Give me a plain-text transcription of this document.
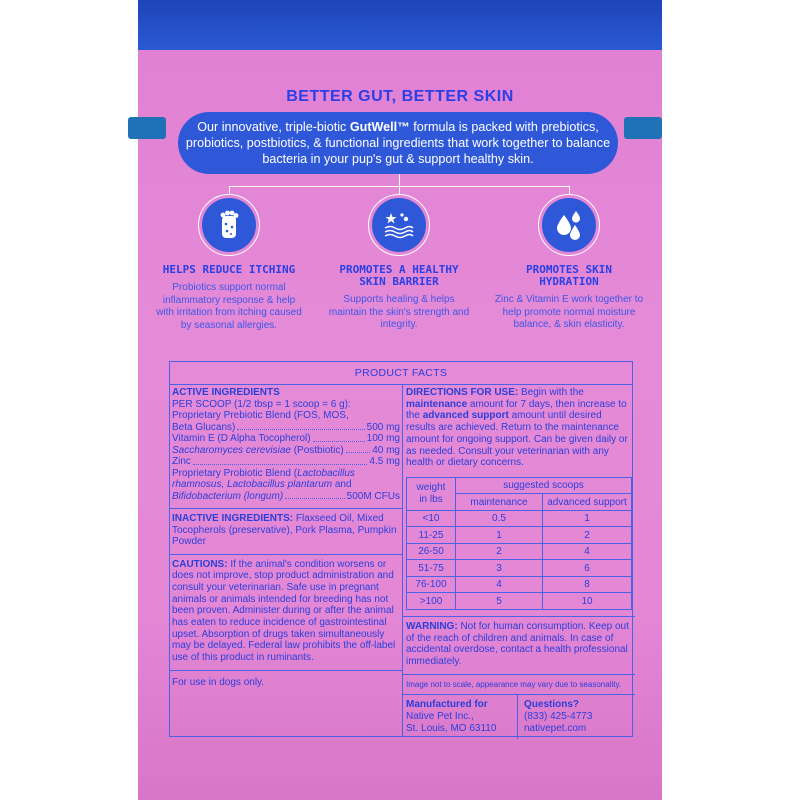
BETTER GUT, BETTER SKIN
Our innovative, triple-biotic GutWell™ formula is packed with prebiotics, probiotics, postbiotics, & functional ingredients that work together to balance bacteria in your pup's gut & support healthy skin.
HELPS REDUCE ITCHING
Probiotics support normal inflammatory response & help with irritation from itching caused by seasonal allergies.
PROMOTES A HEALTHY SKIN BARRIER
Supports healing & helps maintain the skin's strength and integrity.
PROMOTES SKIN HYDRATION
Zinc & Vitamin E work together to help promote normal moisture balance, & skin elasticity.
PRODUCT FACTS
ACTIVE INGREDIENTS
PER SCOOP (1/2 tbsp = 1 scoop = 6 g):
Proprietary Prebiotic Blend (FOS, MOS,
Beta Glucans)	500 mg
Vitamin E (D Alpha Tocopherol)	100 mg
Saccharomyces cerevisiae (Postbiotic)	40 mg
Zinc	4.5 mg
Proprietary Probiotic Blend (Lactobacillus
rhamnosus, Lactobacillus plantarum and
Bifidobacterium (longum)	500M CFUs
INACTIVE INGREDIENTS: Flaxseed Oil, Mixed Tocopherols (preservative), Pork Plasma, Pumpkin Powder
CAUTIONS: If the animal's condition worsens or does not improve, stop product administration and consult your veterinarian. Safe use in pregnant animals or animals intended for breeding has not been proven. Administer during or after the animal has eaten to reduce incidence of gastrointestinal upset. Absorption of drugs taken simultaneously may be delayed. Federal law prohibits the off-label use of this product in ruminants.
For use in dogs only.
DIRECTIONS FOR USE: Begin with the maintenance amount for 7 days, then increase to the advanced support amount until desired results are achieved. Return to the maintenance amount for ongoing support. Can be given daily or as needed. Consult your veterinarian with any health or dietary concerns.
weight
in lbs	suggested scoops	
	maintenance	advanced support
<10	0.5	1
11-25	1	2
26-50	2	4
51-75	3	6
76-100	4	8
>100	5	10
WARNING: Not for human consumption. Keep out of the reach of children and animals. In case of accidental overdose, contact a health professional immediately.
Image not to scale, appearance may vary due to seasonality.
Manufactured for
Native Pet Inc.,
St. Louis, MO 63110
Questions?
(833) 425-4773
nativepet.com
